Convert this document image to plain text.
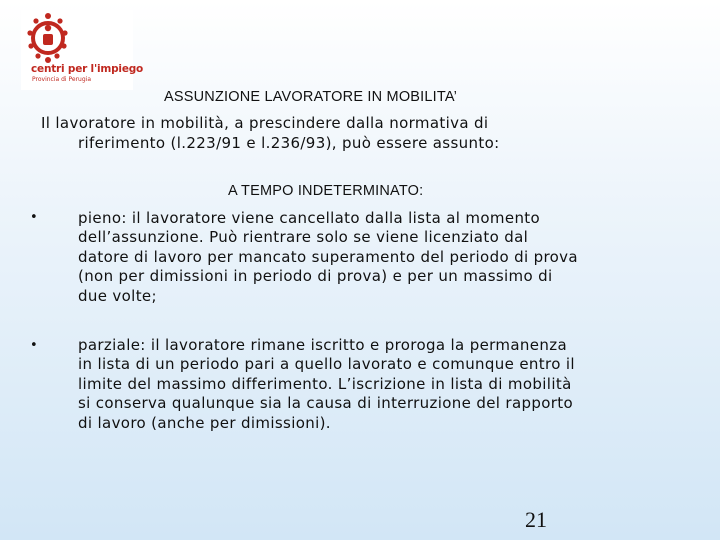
centri per l'impiego
Provincia di Perugia
ASSUNZIONE LAVORATORE IN MOBILITA’
Il lavoratore in mobilità, a prescindere dalla normativa di
riferimento (l.223/91 e l.236/93), può essere assunto:
A TEMPO INDETERMINATO:
•	pieno: il lavoratore viene cancellato dalla lista al momento
dell’assunzione. Può rientrare solo se viene licenziato dal
datore di lavoro per mancato superamento del periodo di prova
(non per dimissioni in periodo di prova) e per un massimo di
due volte;
•	parziale: il lavoratore rimane iscritto e proroga la permanenza
in lista di un periodo pari a quello lavorato e comunque entro il
limite del massimo differimento. L’iscrizione in lista di mobilità
si conserva qualunque sia la causa di interruzione del rapporto
di lavoro (anche per dimissioni).
21
